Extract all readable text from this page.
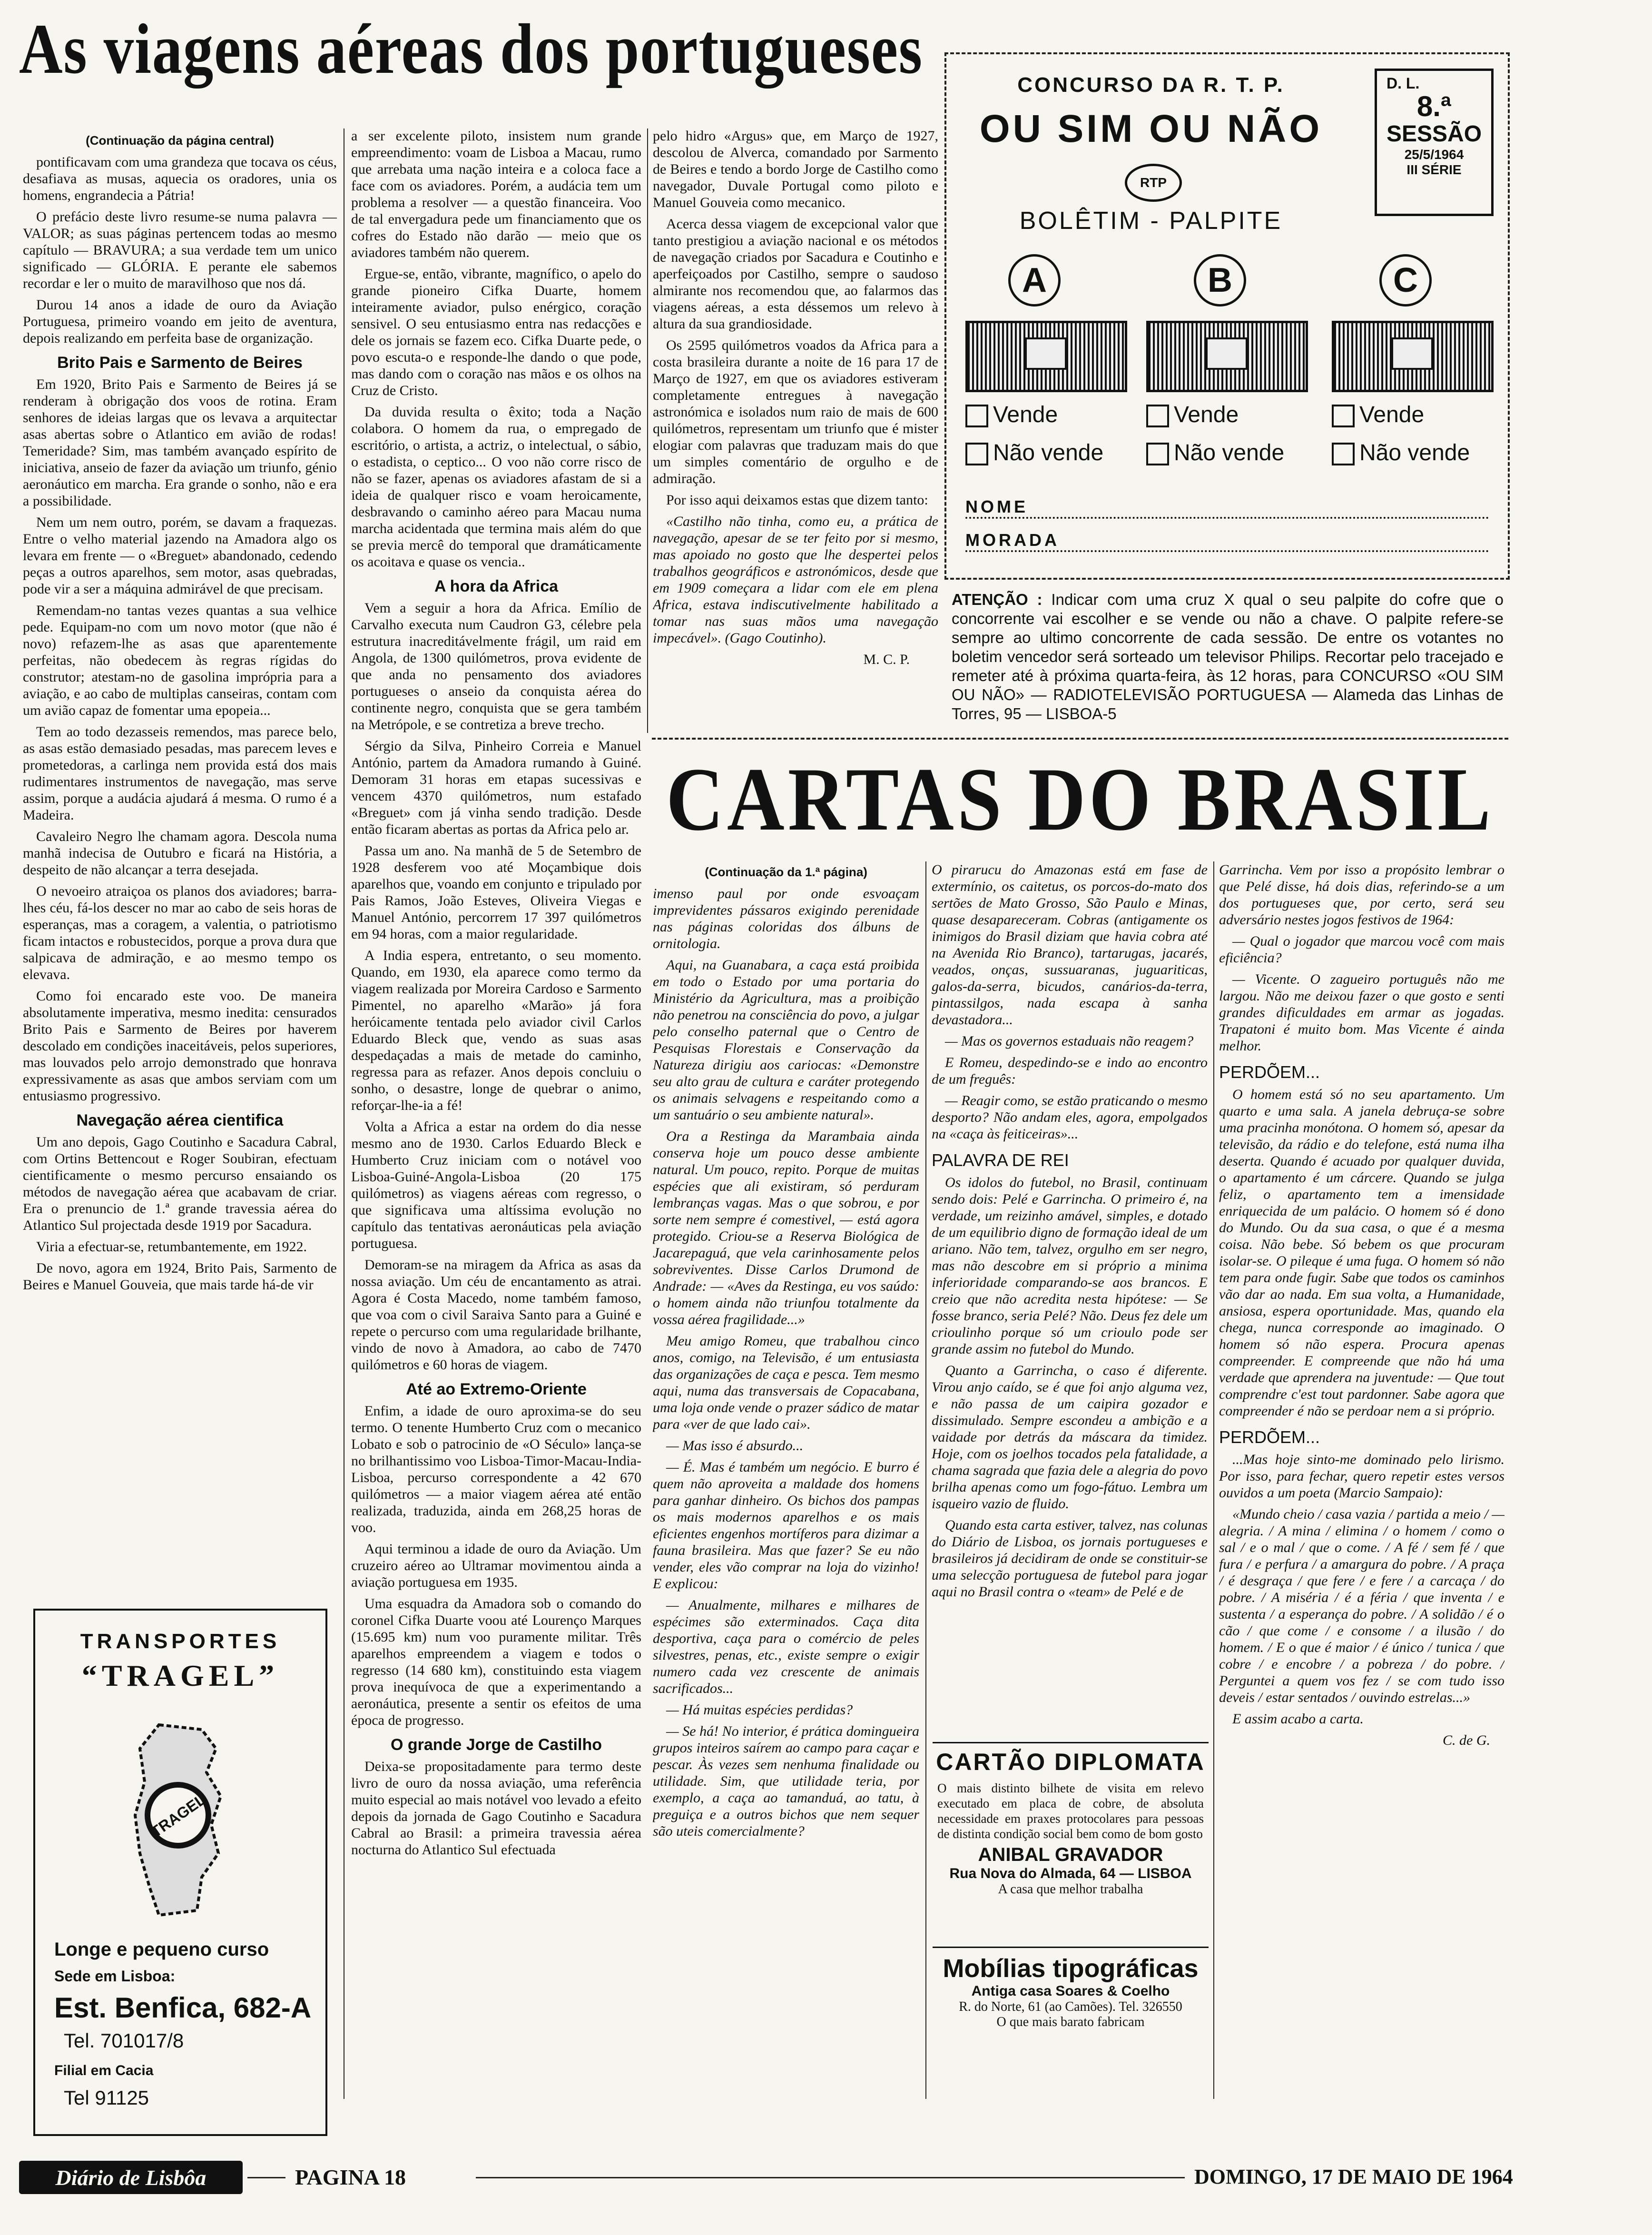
As viagens aéreas dos portugueses
(Continuação da página central)

pontificavam com uma grandeza que tocava os céus, desafiava as musas, aquecia os oradores, unia os homens, engrandecia a Pátria!

O prefácio deste livro resume-se numa palavra — VALOR; as suas páginas pertencem todas ao mesmo capítulo — BRAVURA; a sua verdade tem um unico significado — GLÓRIA. E perante ele sabemos recordar e ler o muito de maravilhoso que nos dá.

Durou 14 anos a idade de ouro da Aviação Portuguesa, primeiro voando em jeito de aventura, depois realizando em perfeita base de organização.

Brito Pais e Sarmento de Beires

Em 1920, Brito Pais e Sarmento de Beires já se renderam à obrigação dos voos de rotina. Eram senhores de ideias largas que os levava a arquitectar asas abertas sobre o Atlantico em avião de rodas! Temeridade? Sim, mas também avançado espírito de iniciativa, anseio de fazer da aviação um triunfo, génio aeronáutico em marcha. Era grande o sonho, não e era a possibilidade.

Nem um nem outro, porém, se davam a fraquezas. Entre o velho material jazendo na Amadora algo os levara em frente — o «Breguet» abandonado, cedendo peças a outros aparelhos, sem motor, asas quebradas, pode vir a ser a máquina admirável de que precisam.

Remendam-no tantas vezes quantas a sua velhice pede. Equipam-no com um novo motor (que não é novo) refazem-lhe as asas que aparentemente perfeitas, não obedecem às regras rígidas do construtor; atestam-no de gasolina imprópria para a aviação, e ao cabo de multiplas canseiras, contam com um avião capaz de fomentar uma epopeia...

Tem ao todo dezasseis remendos, mas parece belo, as asas estão demasiado pesadas, mas parecem leves e prometedoras, a carlinga nem provida está dos mais rudimentares instrumentos de navegação, mas serve assim, porque a audácia ajudará á mesma. O rumo é a Madeira.

Cavaleiro Negro lhe chamam agora. Descola numa manhã indecisa de Outubro e ficará na História, a despeito de não alcançar a terra desejada.

O nevoeiro atraiçoa os planos dos aviadores; barra-lhes céu, fá-los descer no mar ao cabo de seis horas de esperanças, mas a coragem, a valentia, o patriotismo ficam intactos e robustecidos, porque a prova dura que salpicava de admiração, e ao mesmo tempo os elevava.

Como foi encarado este voo. De maneira absolutamente imperativa, mesmo inedita: censurados Brito Pais e Sarmento de Beires por haverem descolado em condições inaceitáveis, pelos superiores, mas louvados pelo arrojo demonstrado que honrava expressivamente as asas que ambos serviam com um entusiasmo progressivo.

Navegação aérea cientifica

Um ano depois, Gago Coutinho e Sacadura Cabral, com Ortins Bettencout e Roger Soubiran, efectuam cientificamente o mesmo percurso ensaiando os métodos de navegação aérea que acabavam de criar. Era o prenuncio de 1.ª grande travessia aérea do Atlantico Sul projectada desde 1919 por Sacadura.

Viria a efectuar-se, retumbantemente, em 1922.

De novo, agora em 1924, Brito Pais, Sarmento de Beires e Manuel Gouveia, que mais tarde há-de vir

TRANSPORTES
“TRAGEL”
TRAGEL
Longe e pequeno curso
Sede em Lisboa:
Est. Benfica, 682-A
Tel. 701017/8
Filial em Cacia
Tel 91125

a ser excelente piloto, insistem num grande empreendimento: voam de Lisboa a Macau, rumo que arrebata uma nação inteira e a coloca face a face com os aviadores. Porém, a audácia tem um problema a resolver — a questão financeira. Voo de tal envergadura pede um financiamento que os cofres do Estado não darão — meio que os aviadores também não querem.

Ergue-se, então, vibrante, magnífico, o apelo do grande pioneiro Cifka Duarte, homem inteiramente aviador, pulso enérgico, coração sensivel. O seu entusiasmo entra nas redacções e dele os jornais se fazem eco. Cifka Duarte pede, o povo escuta-o e responde-lhe dando o que pode, mas dando com o coração nas mãos e os olhos na Cruz de Cristo.

Da duvida resulta o êxito; toda a Nação colabora. O homem da rua, o empregado de escritório, o artista, a actriz, o intelectual, o sábio, o estadista, o ceptico... O voo não corre risco de não se fazer, apenas os aviadores afastam de si a ideia de qualquer risco e voam heroicamente, desbravando o caminho aéreo para Macau numa marcha acidentada que termina mais além do que se previa mercê do temporal que dramáticamente os acoitava e quase os vencia..

A hora da Africa

Vem a seguir a hora da Africa. Emílio de Carvalho executa num Caudron G3, célebre pela estrutura inacreditávelmente frágil, um raid em Angola, de 1300 quilómetros, prova evidente de que anda no pensamento dos aviadores portugueses o anseio da conquista aérea do continente negro, conquista que se gera também na Metrópole, e se contretiza a breve trecho.

Sérgio da Silva, Pinheiro Correia e Manuel António, partem da Amadora rumando à Guiné. Demoram 31 horas em etapas sucessivas e vencem 4370 quilómetros, num estafado «Breguet» com já vinha sendo tradição. Desde então ficaram abertas as portas da Africa pelo ar.

Passa um ano. Na manhã de 5 de Setembro de 1928 desferem voo até Moçambique dois aparelhos que, voando em conjunto e tripulado por Pais Ramos, João Esteves, Oliveira Viegas e Manuel António, percorrem 17 397 quilómetros em 94 horas, com a maior regularidade.

A India espera, entretanto, o seu momento. Quando, em 1930, ela aparece como termo da viagem realizada por Moreira Cardoso e Sarmento Pimentel, no aparelho «Marão» já fora heróicamente tentada pelo aviador civil Carlos Eduardo Bleck que, vendo as suas asas despedaçadas a mais de metade do caminho, regressa para as refazer. Anos depois concluiu o sonho, o desastre, longe de quebrar o animo, reforçar-lhe-ia a fé!

Volta a Africa a estar na ordem do dia nesse mesmo ano de 1930. Carlos Eduardo Bleck e Humberto Cruz iniciam com o notável voo Lisboa-Guiné-Angola-Lisboa (20 175 quilómetros) as viagens aéreas com regresso, o que significava uma altíssima evolução no capítulo das tentativas aeronáuticas pela aviação portuguesa.

Demoram-se na miragem da Africa as asas da nossa aviação. Um céu de encantamento as atrai. Agora é Costa Macedo, nome também famoso, que voa com o civil Saraiva Santo para a Guiné e repete o percurso com uma regularidade brilhante, vindo de novo à Amadora, ao cabo de 7470 quilómetros e 60 horas de viagem.

Até ao Extremo-Oriente

Enfim, a idade de ouro aproxima-se do seu termo. O tenente Humberto Cruz com o mecanico Lobato e sob o patrocinio de «O Século» lança-se no brilhantissimo voo Lisboa-Timor-Macau-India-Lisboa, percurso correspondente a 42 670 quilómetros — a maior viagem aérea até então realizada, traduzida, ainda em 268,25 horas de voo.

Aqui terminou a idade de ouro da Aviação. Um cruzeiro aéreo ao Ultramar movimentou ainda a aviação portuguesa em 1935.

Uma esquadra da Amadora sob o comando do coronel Cifka Duarte voou até Lourenço Marques (15.695 km) num voo puramente militar. Três aparelhos empreendem a viagem e todos o regresso (14 680 km), constituindo esta viagem prova inequívoca de que a experimentando a aeronáutica, presente a sentir os efeitos de uma época de progresso.

O grande Jorge de Castilho

Deixa-se propositadamente para termo deste livro de ouro da nossa aviação, uma referência muito especial ao mais notável voo levado a efeito depois da jornada de Gago Coutinho e Sacadura Cabral ao Brasil: a primeira travessia aérea nocturna do Atlantico Sul efectuada

pelo hidro «Argus» que, em Março de 1927, descolou de Alverca, comandado por Sarmento de Beires e tendo a bordo Jorge de Castilho como navegador, Duvale Portugal como piloto e Manuel Gouveia como mecanico.

Acerca dessa viagem de excepcional valor que tanto prestigiou a aviação nacional e os métodos de navegação criados por Sacadura e Coutinho e aperfeiçoados por Castilho, sempre o saudoso almirante nos recomendou que, ao falarmos das viagens aéreas, a esta déssemos um relevo à altura da sua grandiosidade.

Os 2595 quilómetros voados da Africa para a costa brasileira durante a noite de 16 para 17 de Março de 1927, em que os aviadores estiveram completamente entregues à navegação astronómica e isolados num raio de mais de 600 quilómetros, representam um triunfo que é mister elogiar com palavras que traduzam mais do que um simples comentário de orgulho e de admiração.

Por isso aqui deixamos estas que dizem tanto:

«Castilho não tinha, como eu, a prática de navegação, apesar de se ter feito por si mesmo, mas apoiado no gosto que lhe despertei pelos trabalhos geográficos e astronómicos, desde que em 1909 começara a lidar com ele em plena Africa, estava indiscutivelmente habilitado a tomar nas suas mãos uma navegação impecável». (Gago Coutinho).

M. C. P.
CONCURSO DA R. T. P.
OU SIM OU NÃO
RTP
BOLÊTIM - PALPITE
D. L.
8.ª
SESSÃO
25/5/1964
III SÉRIE
A	B	C
Vende	Vende	Vende
Não vende	Não vende	Não vende
NOME
MORADA
ATENÇÃO : Indicar com uma cruz X qual o seu palpite do cofre que o concorrente vai escolher e se vende ou não a chave. O palpite refere-se sempre ao ultimo concorrente de cada sessão. De entre os votantes no boletim vencedor será sorteado um televisor Philips. Recortar pelo tracejado e remeter até à próxima quarta-feira, às 12 horas, para CONCURSO «OU SIM OU NÃO» — RADIOTELEVISÃO PORTUGUESA — Alameda das Linhas de Torres, 95 — LISBOA-5
CARTAS DO BRASIL
(Continuação da 1.ª página)

imenso paul por onde esvoaçam imprevidentes pássaros exigindo perenidade nas páginas coloridas dos álbuns de ornitologia.

Aqui, na Guanabara, a caça está proibida em todo o Estado por uma portaria do Ministério da Agricultura, mas a proibição não penetrou na consciência do povo, a julgar pelo conselho paternal que o Centro de Pesquisas Florestais e Conservação da Natureza dirigiu aos cariocas: «Demonstre seu alto grau de cultura e caráter protegendo os animais selvagens e respeitando como a um santuário o seu ambiente natural».

Ora a Restinga da Marambaia ainda conserva hoje um pouco desse ambiente natural. Um pouco, repito. Porque de muitas espécies que ali existiram, só perduram lembranças vagas. Mas o que sobrou, e por sorte nem sempre é comestivel, — está agora protegido. Criou-se a Reserva Biológica de Jacarepaguá, que vela carinhosamente pelos sobreviventes. Disse Carlos Drumond de Andrade: — «Aves da Restinga, eu vos saúdo: o homem ainda não triunfou totalmente da vossa aérea fragilidade...»

Meu amigo Romeu, que trabalhou cinco anos, comigo, na Televisão, é um entusiasta das organizações de caça e pesca. Tem mesmo aqui, numa das transversais de Copacabana, uma loja onde vende o prazer sádico de matar para «ver de que lado cai».

— Mas isso é absurdo...

— É. Mas é também um negócio. E burro é quem não aproveita a maldade dos homens para ganhar dinheiro. Os bichos dos pampas os mais modernos aparelhos e os mais eficientes engenhos mortíferos para dizimar a fauna brasileira. Mas que fazer? Se eu não vender, eles vão comprar na loja do vizinho! E explicou:

— Anualmente, milhares e milhares de espécimes são exterminados. Caça dita desportiva, caça para o comércio de peles silvestres, penas, etc., existe sempre o exigir numero cada vez crescente de animais sacrificados...

— Há muitas espécies perdidas?

— Se há! No interior, é prática domingueira grupos inteiros saírem ao campo para caçar e pescar. Às vezes sem nenhuma finalidade ou utilidade. Sim, que utilidade teria, por exemplo, a caça ao tamanduá, ao tatu, à preguiça e a outros bichos que nem sequer são uteis comercialmente?

O pirarucu do Amazonas está em fase de extermínio, os caitetus, os porcos-do-mato dos sertões de Mato Grosso, São Paulo e Minas, quase desapareceram. Cobras (antigamente os inimigos do Brasil diziam que havia cobra até na Avenida Rio Branco), tartarugas, jacarés, veados, onças, sussuaranas, juguariticas, galos-da-serra, bicudos, canários-da-terra, pintassilgos, nada escapa à sanha devastadora...

— Mas os governos estaduais não reagem?

E Romeu, despedindo-se e indo ao encontro de um freguês:

— Reagir como, se estão praticando o mesmo desporto? Não andam eles, agora, empolgados na «caça às feiticeiras»...

PALAVRA DE REI

Os idolos do futebol, no Brasil, continuam sendo dois: Pelé e Garrincha. O primeiro é, na verdade, um reizinho amável, simples, e dotado de um equilibrio digno de formação ideal de um ariano. Não tem, talvez, orgulho em ser negro, mas não descobre em si próprio a minima inferioridade comparando-se aos brancos. E creio que não acredita nesta hipótese: — Se fosse branco, seria Pelé? Não. Deus fez dele um crioulinho porque só um crioulo pode ser grande assim no futebol do Mundo.

Quanto a Garrincha, o caso é diferente. Virou anjo caído, se é que foi anjo alguma vez, e não passa de um caipira gozador e dissimulado. Sempre escondeu a ambição e a vaidade por detrás da máscara da timidez. Hoje, com os joelhos tocados pela fatalidade, a chama sagrada que fazia dele a alegria do povo brilha apenas como um fogo-fátuo. Lembra um isqueiro vazio de fluido.

Quando esta carta estiver, talvez, nas colunas do Diário de Lisboa, os jornais portugueses e brasileiros já decidiram de onde se constituir-se uma selecção portuguesa de futebol para jogar aqui no Brasil contra o «team» de Pelé e de

CARTÃO DIPLOMATA
O mais distinto bilhete de visita em relevo executado em placa de cobre, de absoluta necessidade em praxes protocolares para pessoas de distinta condição social bem como de bom gosto
ANIBAL GRAVADOR
Rua Nova do Almada, 64 — LISBOA
A casa que melhor trabalha
Mobílias tipográficas
Antiga casa Soares & Coelho
R. do Norte, 61 (ao Camões). Tel. 326550
O que mais barato fabricam

Garrincha. Vem por isso a propósito lembrar o que Pelé disse, há dois dias, referindo-se a um dos portugueses que, por certo, será seu adversário nestes jogos festivos de 1964:

— Qual o jogador que marcou você com mais eficiência?

— Vicente. O zagueiro português não me largou. Não me deixou fazer o que gosto e senti grandes dificuldades em armar as jogadas. Trapatoni é muito bom. Mas Vicente é ainda melhor.

PERDÕEM...

O homem está só no seu apartamento. Um quarto e uma sala. A janela debruça-se sobre uma pracinha monótona. O homem só, apesar da televisão, da rádio e do telefone, está numa ilha deserta. Quando é acuado por qualquer duvida, o apartamento é um cárcere. Quando se julga feliz, o apartamento tem a imensidade enriquecida de um palácio. O homem só é dono do Mundo. Ou da sua casa, o que é a mesma coisa. Não bebe. Só bebem os que procuram isolar-se. O pileque é uma fuga. O homem só não tem para onde fugir. Sabe que todos os caminhos vão dar ao nada. Em sua volta, a Humanidade, ansiosa, espera oportunidade. Mas, quando ela chega, nunca corresponde ao imaginado. O homem só não espera. Procura apenas compreender. E compreende que não há uma verdade que aprendera na juventude: — Que tout comprendre c'est tout pardonner. Sabe agora que compreender é não se perdoar nem a si próprio.

PERDÕEM...

...Mas hoje sinto-me dominado pelo lirismo. Por isso, para fechar, quero repetir estes versos ouvidos a um poeta (Marcio Sampaio):

«Mundo cheio / casa vazia / partida a meio / — alegria. / A mina / elimina / o homem / como o sal / e o mal / que o come. / A fé / sem fé / que fura / e perfura / a amargura do pobre. / A praça / é desgraça / que fere / e fere / a carcaça / do pobre. / A miséria / é a féria / que inventa / e sustenta / a esperança do pobre. / A solidão / é o cão / que come / e consome / a ilusão / do homem. / E o que é maior / é único / tunica / que cobre / e encobre / a pobreza / do pobre. / Perguntei a quem vos fez / se com tudo isso deveis / estar sentados / ouvindo estrelas...»

E assim acabo a carta.

C. de G.
Diário de Lisbôa	PAGINA 18	DOMINGO, 17 DE MAIO DE 1964
